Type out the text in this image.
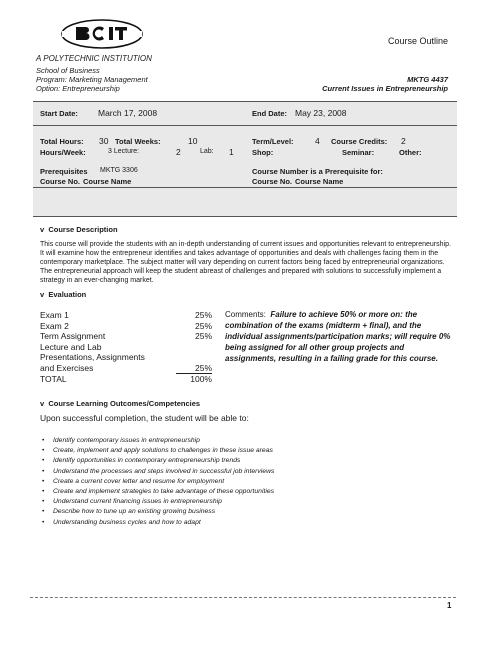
A POLYTECHNIC INSTITUTION
Course Outline
School of Business
Program: Marketing Management
Option: Entrepreneurship
MKTG 4437
Current Issues in Entrepreneurship
Start Date: March 17, 2008	End Date: May 23, 2008
Total Hours: 30 Total Weeks:	10	Term/Level:	4 Course Credits: 2
Hours/Week:	3 Lecture:	2	Lab: 1 Shop:	Seminar:	Other:
Prerequisites MKTG 3306	Course Number is a Prerequisite for:
Course No. Course Name	Course No. Course Name
v Course Description
This course will provide the students with an in-depth understanding of current issues and opportunities relevant to entrepreneurship. It will examine how the entrepreneur identifies and takes advantage of opportunities and deals with challenges facing them in the contemporary marketplace. The subject matter will vary depending on current factors being faced by entrepreneurial organizations. The entrepreneurial approach will keep the student abreast of challenges and prepared with solutions to successfully implement a strategy in an ever-changing market.
v Evaluation
Exam 1	25%
Exam 2	25%
Term Assignment	25%
Lecture and Lab
Presentations, Assignments
and Exercises	25%
TOTAL	100%
Comments: Failure to achieve 50% or more on: the combination of the exams (midterm + final), and the individual assignments/participation marks; will require 0% being assigned for all other group projects and assignments, resulting in a failing grade for this course.
v Course Learning Outcomes/Competencies
Upon successful completion, the student will be able to:
• Identify contemporary issues in entrepreneurship
• Create, implement and apply solutions to challenges in these issue areas
• Identify opportunities in contemporary entrepreneurship trends
• Understand the processes and steps involved in successful job interviews
• Create a current cover letter and resume for employment
• Create and implement strategies to take advantage of these opportunities
• Understand current financing issues in entrepreneurship
• Describe how to tune up an existing growing business
• Understanding business cycles and how to adapt
1
